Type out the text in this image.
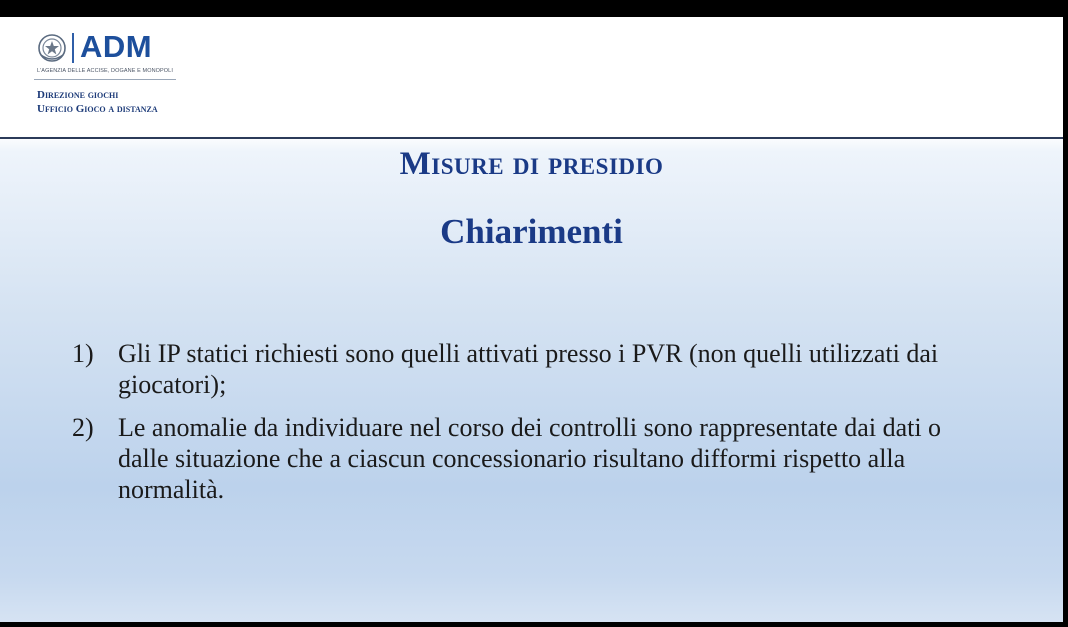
ADM
L'AGENZIA DELLE ACCISE, DOGANE E MONOPOLI
Direzione giochi
Ufficio Gioco a distanza
Misure di presidio
Chiarimenti
1) Gli IP statici richiesti sono quelli attivati presso i PVR (non quelli utilizzati dai giocatori);
2) Le anomalie da individuare nel corso dei controlli sono rappresentate dai dati o dalle situazione che a ciascun concessionario risultano difformi rispetto alla normalità.
